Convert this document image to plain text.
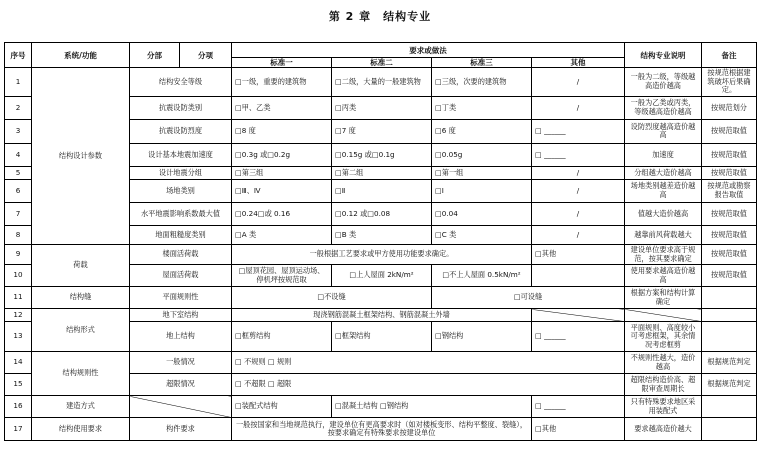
第 2 章　结构专业
序号	系统/功能	分部	分项	要求或做法				结构专业说明	备注
				标准一	标准二	标准三	其他		
1	结构设计参数	结构安全等级		□一级，重要的建筑物	□二级，大量的一般建筑物	□三级，次要的建筑物	/	一般为二级，等级越高造价越高	按规范根据建筑破坏后果确定。
2		抗震设防类别		□甲、乙类	□丙类	□丁类	/	一般为乙类或丙类，等级越高造价越高	按规范划分
3		抗震设防烈度		□8 度	□7 度	□6 度	□ ______	设防烈度越高造价越高	按规范取值
4		设计基本地震加速度		□0.3g 或□0.2g	□0.15g 或□0.1g	□0.05g	□ ______	加速度	按规范取值
5		设计地震分组		□第三组	□第二组	□第一组	/	分组越大造价越高	按规范取值
6		场地类别		□Ⅲ、Ⅳ	□Ⅱ	□Ⅰ	/	场地类别越差造价越高	按规范或勘察报告取值
7		水平地震影响系数最大值		□0.24□或 0.16	□0.12 或□0.08	□0.04	/	值越大造价越高	按规范取值
8		地面粗糙度类别		□A 类	□B 类	□C 类	/	越靠前风荷载越大	按规范取值
9	荷载	楼面活荷载		一般根据工艺要求或甲方使用功能要求确定。			□其他	建设单位要求高于规范，按其要求确定	按规范取值
10		屋面活荷载		□屋顶花园、屋顶运动场、停机坪按规范取	□上人屋面 2kN/m²	□不上人屋面 0.5kN/m²		使用要求越高造价越高	按规范取值
11	结构缝	平面规则性		□不设缝		□可设缝		根据方案和结构计算确定	
12	结构形式	地下室结构		现浇钢筋混凝土框架结构、钢筋混凝土外墙					
13		地上结构		□框剪结构	□框架结构	□钢结构	□ ______	平面规则、高度较小可考虑框架，其余情况考虑框剪	
14	结构规则性	一般情况		□ 不规则 □ 规则				不规则性越大，造价越高	根据规范判定
15		超限情况		□ 不超限 □ 超限				超限结构造价高、超限审查周期长	根据规范判定
16	建造方式			□装配式结构	□混凝土结构 □钢结构		□ ______	只有特殊要求地区采用装配式	
17	结构使用要求	构件要求		一般按国家和当地规范执行，建设单位有更高要求时（如对楼板变形、结构平整度、裂缝），按要求确定有特殊要求按建设单位			□其他	要求越高造价越大	
